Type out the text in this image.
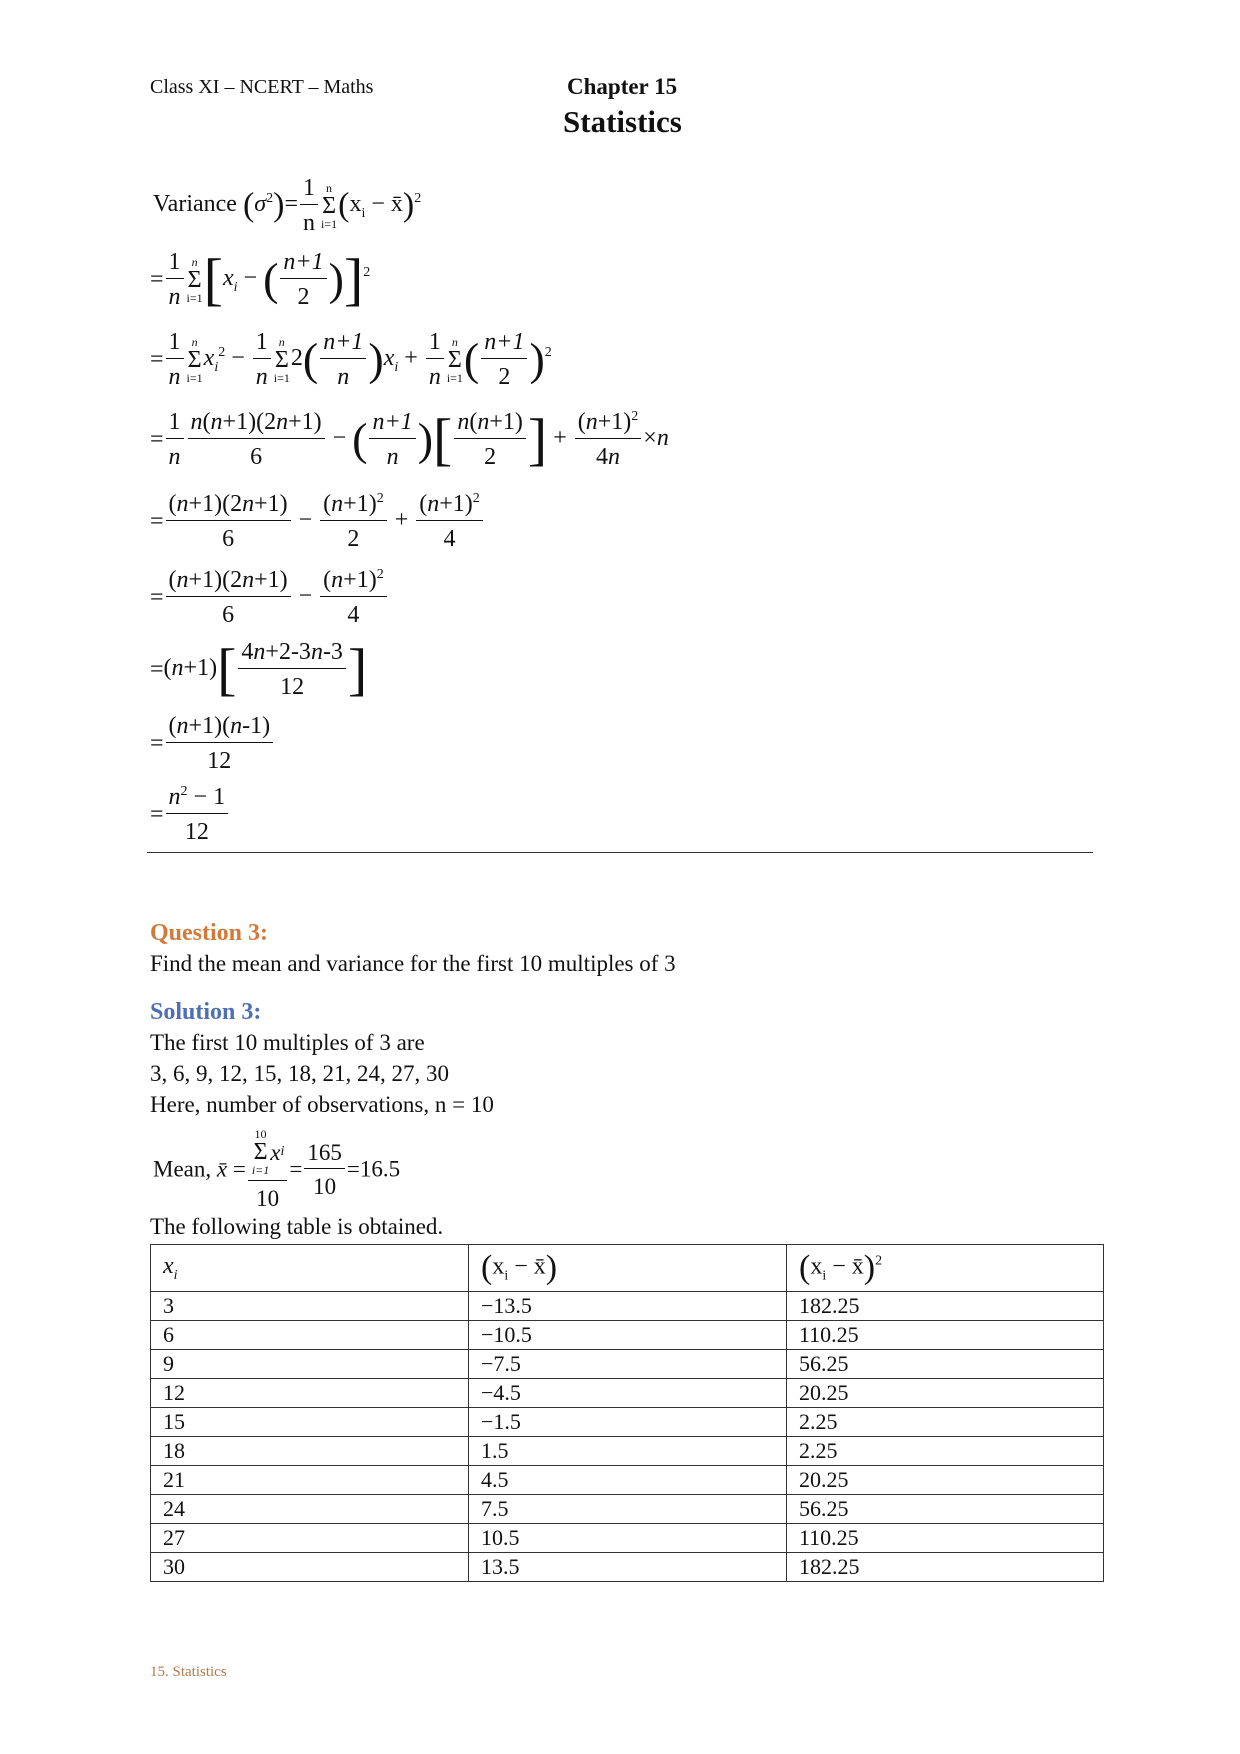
Class XI – NCERT – Maths	Chapter 15
Statistics
Variance $(\sigma^2)= \frac{1}{n}$ n
Σ
i=1 ($x_i$ − x̄)$^2$
= $\frac{1}{n}$ n
Σ
i=1 [$x_i$ − ( $\frac{n+1}{2} )]^2$
= $\frac{1}{n}$ n
Σ
i=1
$x_i^2 - \frac{1}{n}$ n
Σ
i=1
$2( \frac{n+1}{n} )x_i + \frac{1}{n}$ n
Σ
i=1 ( $\frac{n+1}{2} )^2$
= $\frac{1}{n} \frac{n(n+1)(2n+1)}{6}$ − ( $\frac{n+1}{n}$ )[ $\frac{n(n+1)}{2}$ ] + $\frac{(n+1)^2}{4n} \times n$
= $\frac{(n+1)(2n+1)}{6} - \frac{(n+1)^2}{2} + \frac{(n+1)^2}{4}$
= $\frac{(n+1)(2n+1)}{6} - \frac{(n+1)^2}{4}$
$=(n+1)[ \frac{4n+2-3n-3}{12}$ ]
= $\frac{(n+1)(n-1)}{12}$
= $\frac{n^2 - 1}{12}$
Question 3:
Find the mean and variance for the first 10 multiples of 3
Solution 3:
The first 10 multiples of 3 are
3, 6, 9, 12, 15, 18, 21, 24, 27, 30
Here, number of observations, n = 10
Mean, x̄ = 10
Σ
i=1
x i
$10 = \frac{165}{10} =16.5$
The following table is obtained.
$x_i$	($x_i$ − x̄)	($x_i$ − x̄)$^2$
3	−13.5	182.25
6	−10.5	110.25
9	−7.5	56.25
12	−4.5	20.25
15	−1.5	2.25
18	1.5	2.25
21	4.5	20.25
24	7.5	56.25
27	10.5	110.25
30	13.5	182.25
15. Statistics
